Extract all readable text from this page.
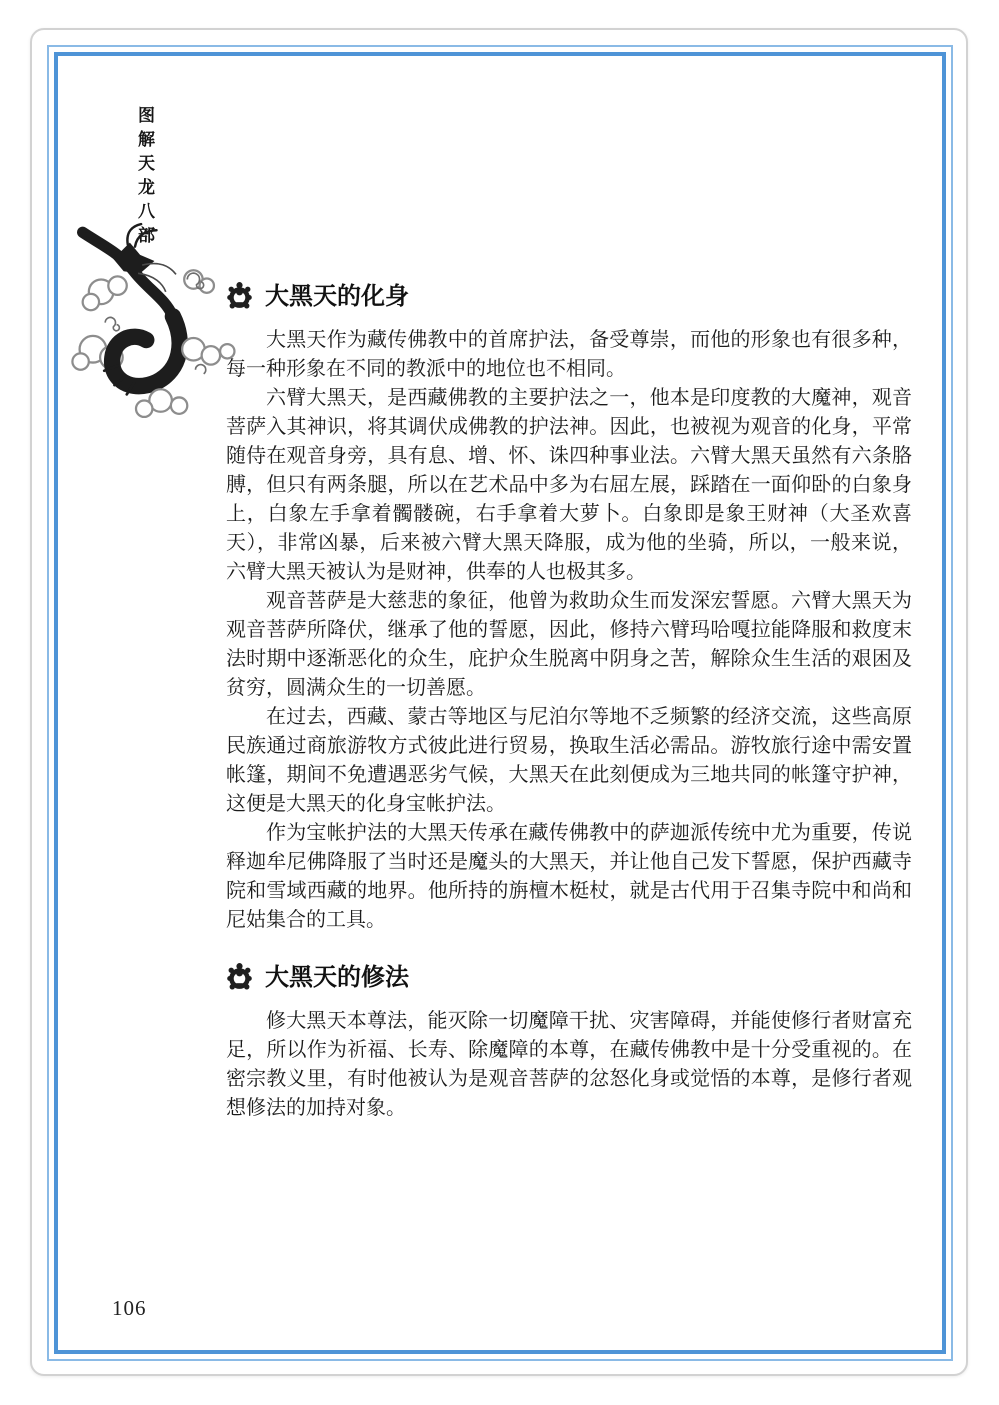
图解天龙八部
大黑天的化身

大黑天作为藏传佛教中的首席护法，备受尊崇，而他的形象也有很多种，每一种形象在不同的教派中的地位也不相同。

六臂大黑天，是西藏佛教的主要护法之一，他本是印度教的大魔神，观音菩萨入其神识，将其调伏成佛教的护法神。因此，也被视为观音的化身，平常随侍在观音身旁，具有息、增、怀、诛四种事业法。六臂大黑天虽然有六条胳膊，但只有两条腿，所以在艺术品中多为右屈左展，踩踏在一面仰卧的白象身上，白象左手拿着髑髅碗，右手拿着大萝卜。白象即是象王财神（大圣欢喜天），非常凶暴，后来被六臂大黑天降服，成为他的坐骑，所以，一般来说，六臂大黑天被认为是财神，供奉的人也极其多。

观音菩萨是大慈悲的象征，他曾为救助众生而发深宏誓愿。六臂大黑天为观音菩萨所降伏，继承了他的誓愿，因此，修持六臂玛哈嘎拉能降服和救度末法时期中逐渐恶化的众生，庇护众生脱离中阴身之苦，解除众生生活的艰困及贫穷，圆满众生的一切善愿。

在过去，西藏、蒙古等地区与尼泊尔等地不乏频繁的经济交流，这些高原民族通过商旅游牧方式彼此进行贸易，换取生活必需品。游牧旅行途中需安置帐篷，期间不免遭遇恶劣气候，大黑天在此刻便成为三地共同的帐篷守护神，这便是大黑天的化身宝帐护法。

作为宝帐护法的大黑天传承在藏传佛教中的萨迦派传统中尤为重要，传说释迦牟尼佛降服了当时还是魔头的大黑天，并让他自己发下誓愿，保护西藏寺院和雪域西藏的地界。他所持的旃檀木梃杖，就是古代用于召集寺院中和尚和尼姑集合的工具。

大黑天的修法

修大黑天本尊法，能灭除一切魔障干扰、灾害障碍，并能使修行者财富充足，所以作为祈福、长寿、除魔障的本尊，在藏传佛教中是十分受重视的。在密宗教义里，有时他被认为是观音菩萨的忿怒化身或觉悟的本尊，是修行者观想修法的加持对象。

106
